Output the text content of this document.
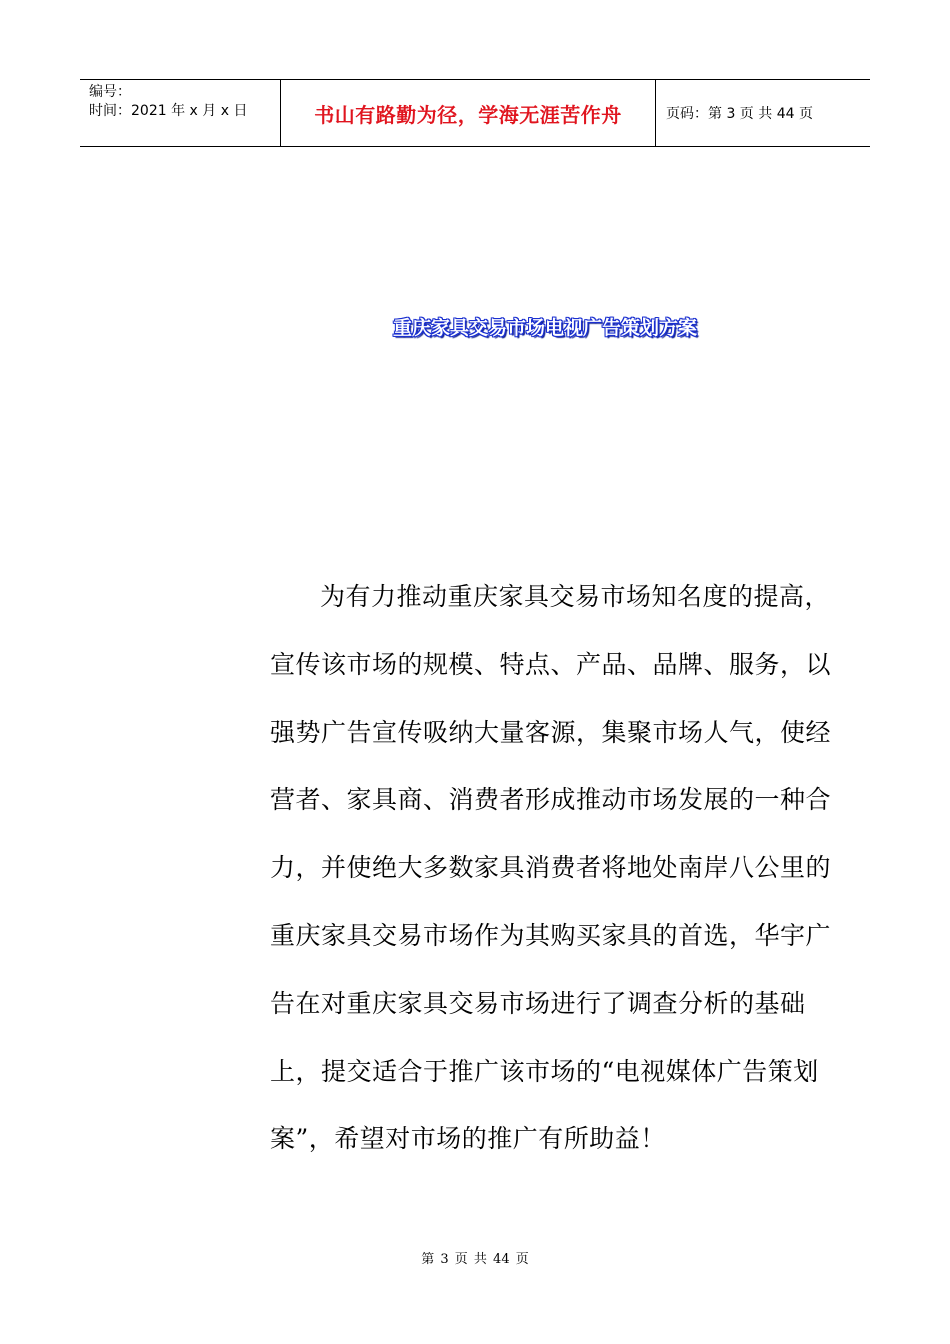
编号：
时间：2021 年 x 月 x 日	书山有路勤为径，学海无涯苦作舟	页码：第 3 页 共 44 页
重庆家具交易市场电视广告策划方案

为有力推动重庆家具交易市场知名度的提高，宣传该市场的规模、特点、产品、品牌、服务，以强势广告宣传吸纳大量客源，集聚市场人气，使经营者、家具商、消费者形成推动市场发展的一种合力，并使绝大多数家具消费者将地处南岸八公里的重庆家具交易市场作为其购买家具的首选，华宇广告在对重庆家具交易市场进行了调查分析的基础上，提交适合于推广该市场的“电视媒体广告策划案”，希望对市场的推广有所助益！

第 3 页 共 44 页
